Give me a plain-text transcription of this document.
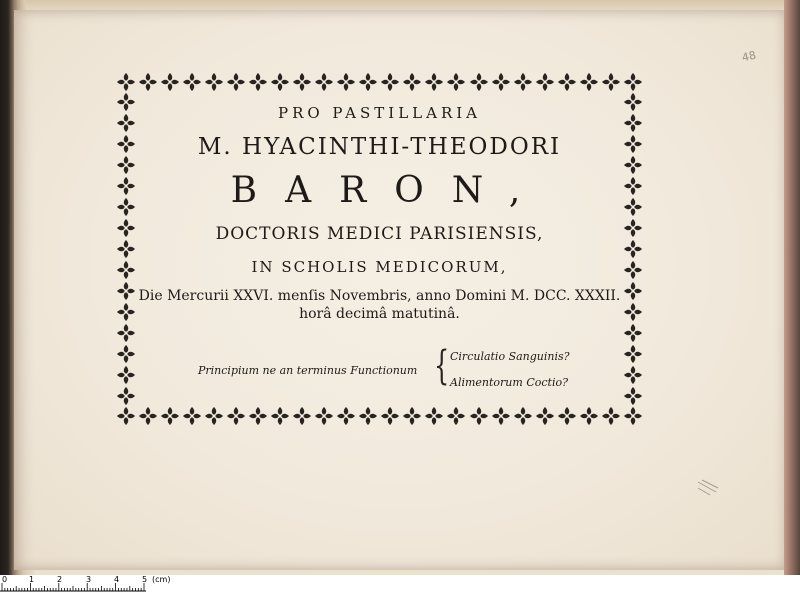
48
PRO PASTILLARIA
M. HYACINTHI-THEODORI
BARON,
DOCTORIS MEDICI PARISIENSIS,
IN SCHOLIS MEDICORUM,
Die Mercurii XXVI. menſis Novembris, anno Domini M. DCC. XXXII.
horâ decimâ matutinâ.
Principium ne an terminus Functionum { Circulatio Sanguinis?
Alimentorum Coctio?
0	1	2	3	4	5 (cm)
